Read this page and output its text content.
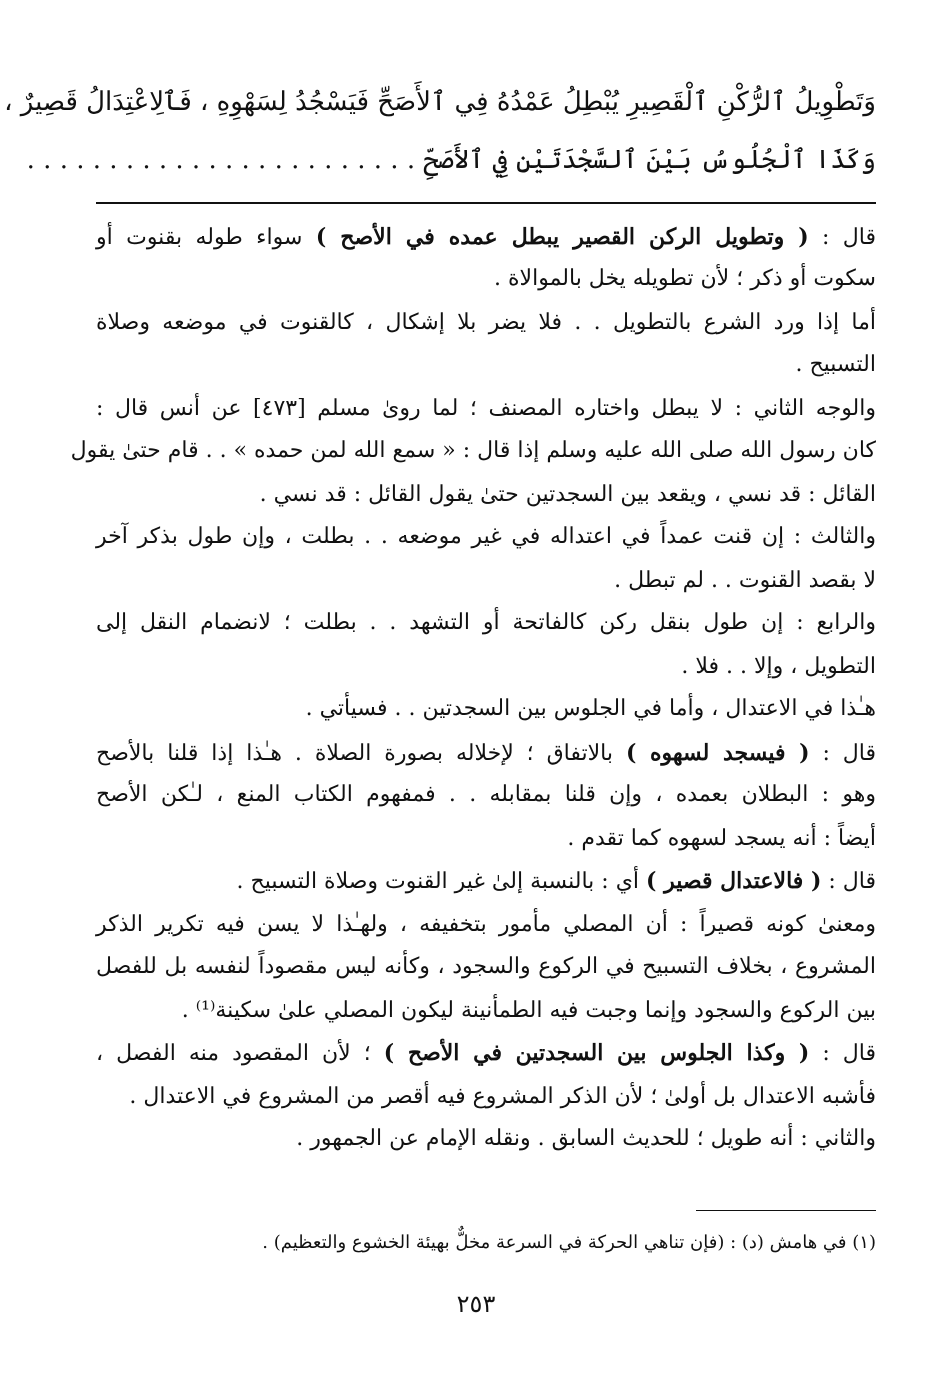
وَتَطْوِيلُ ٱلرُّكْنِ ٱلْقَصِيرِ يُبْطِلُ عَمْدُهُ فِي ٱلأَصَحِّ فَيَسْجُدُ لِسَهْوِهِ ، فَٱلِاعْتِدَالُ قَصِيرٌ ،
وَكَذَا ٱلْجُلُوسُ بَيْنَ ٱلسَّجْدَتَيْنِ فِي ٱلأَصَحِّ . . . . . . . . . . . . . . . . . . . . . . . .
قال : ( وتطويل الركن القصير يبطل عمده في الأصح ) سواء طوله بقنوت أو
سكوت أو ذكر ؛ لأن تطويله يخل بالموالاة .
أما إذا ورد الشرع بالتطويل . . فلا يضر بلا إشكال ، كالقنوت في موضعه وصلاة
التسبيح .
والوجه الثاني : لا يبطل واختاره المصنف ؛ لما روىٰ مسلم [٤٧٣] عن أنس قال :
كان رسول الله صلى الله عليه وسلم إذا قال : « سمع الله لمن حمده » . . قام حتىٰ يقول
القائل : قد نسي ، ويقعد بين السجدتين حتىٰ يقول القائل : قد نسي .
والثالث : إن قنت عمداً في اعتداله في غير موضعه . . بطلت ، وإن طول بذكر آخر
لا بقصد القنوت . . لم تبطل .
والرابع : إن طول بنقل ركن كالفاتحة أو التشهد . . بطلت ؛ لانضمام النقل إلى
التطويل ، وإلا . . فلا .
هـٰذا في الاعتدال ، وأما في الجلوس بين السجدتين . . فسيأتي .
قال : ( فيسجد لسهوه ) بالاتفاق ؛ لإخلاله بصورة الصلاة . هـٰذا إذا قلنا بالأصح
وهو : البطلان بعمده ، وإن قلنا بمقابله . . فمفهوم الكتاب المنع ، لـٰكن الأصح
أيضاً : أنه يسجد لسهوه كما تقدم .
قال : ( فالاعتدال قصير ) أي : بالنسبة إلىٰ غير القنوت وصلاة التسبيح .
ومعنىٰ كونه قصيراً : أن المصلي مأمور بتخفيفه ، ولهـٰذا لا يسن فيه تكرير الذكر
المشروع ، بخلاف التسبيح في الركوع والسجود ، وكأنه ليس مقصوداً لنفسه بل للفصل
بين الركوع والسجود وإنما وجبت فيه الطمأنينة ليكون المصلي علىٰ سكينة⁽¹⁾ .
قال : ( وكذا الجلوس بين السجدتين في الأصح ) ؛ لأن المقصود منه الفصل ،
فأشبه الاعتدال بل أولىٰ ؛ لأن الذكر المشروع فيه أقصر من المشروع في الاعتدال .
والثاني : أنه طويل ؛ للحديث السابق . ونقله الإمام عن الجمهور .
(١) في هامش (د) : (فإن تناهي الحركة في السرعة مخلٌّ بهيئة الخشوع والتعظيم) .
٢٥٣
